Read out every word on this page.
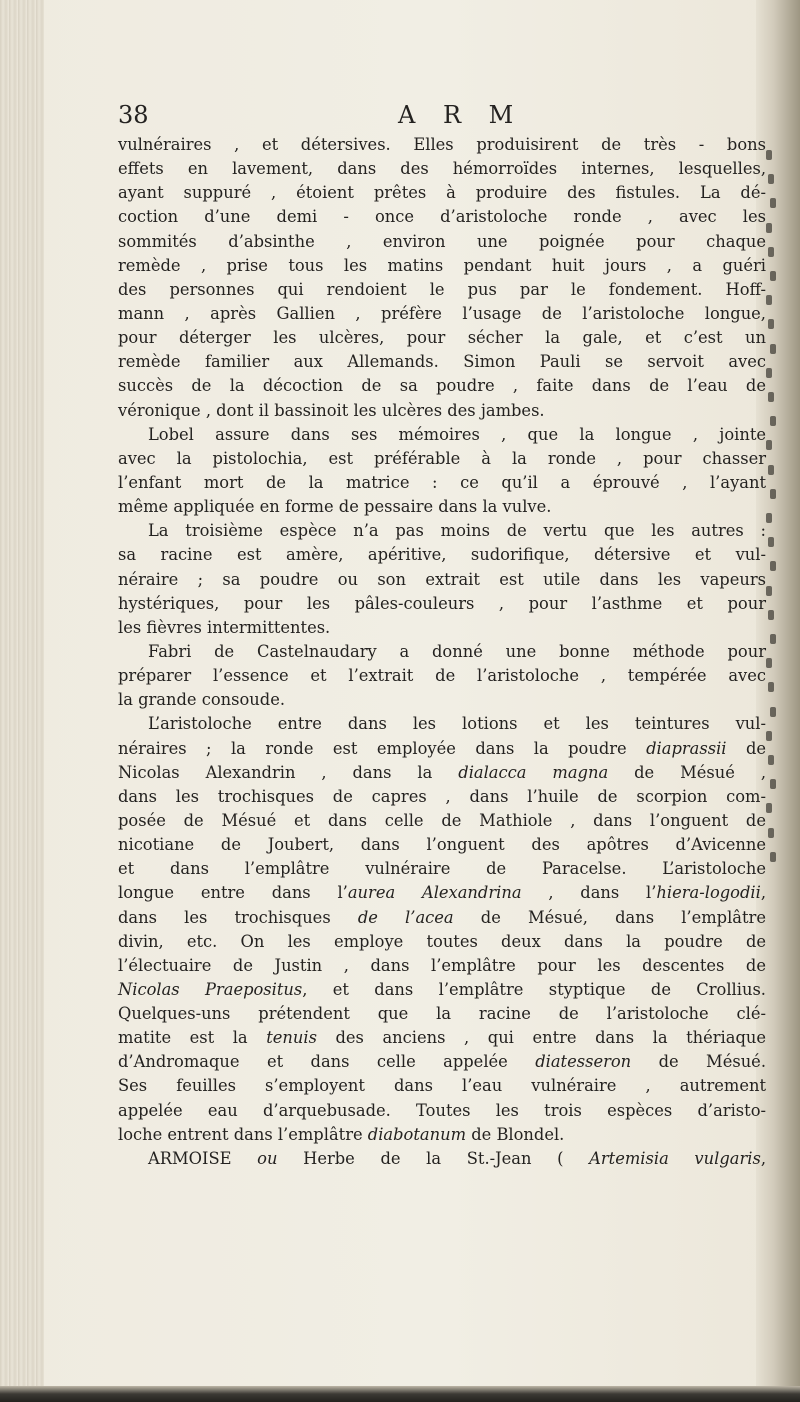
38	A R M
vulnéraires , et détersives. Elles produisirent de très - bons
effets en lavement, dans des hémorroïdes internes, lesquelles,
ayant suppuré , étoient prêtes à produire des fistules. La dé-
coction d’une demi - once d’aristoloche ronde , avec les
sommités d’absinthe , environ une poignée pour chaque
remède , prise tous les matins pendant huit jours , a guéri
des personnes qui rendoient le pus par le fondement. Hoff-
mann , après Gallien , préfère l’usage de l’aristoloche longue,
pour déterger les ulcères, pour sécher la gale, et c’est un
remède familier aux Allemands. Simon Pauli se servoit avec
succès de la décoction de sa poudre , faite dans de l’eau de
véronique , dont il bassinoit les ulcères des jambes.
Lobel assure dans ses mémoires , que la longue , jointe
avec la pistolochia, est préférable à la ronde , pour chasser
l’enfant mort de la matrice : ce qu’il a éprouvé , l’ayant
même appliquée en forme de pessaire dans la vulve.
La troisième espèce n’a pas moins de vertu que les autres :
sa racine est amère, apéritive, sudorifique, détersive et vul-
néraire ; sa poudre ou son extrait est utile dans les vapeurs
hystériques, pour les pâles-couleurs , pour l’asthme et pour
les fièvres intermittentes.
Fabri de Castelnaudary a donné une bonne méthode pour
préparer l’essence et l’extrait de l’aristoloche , tempérée avec
la grande consoude.
L’aristoloche entre dans les lotions et les teintures vul-
néraires ; la ronde est employée dans la poudre diaprassii de
Nicolas Alexandrin , dans la dialacca magna de Mésué ,
dans les trochisques de capres , dans l’huile de scorpion com-
posée de Mésué et dans celle de Mathiole , dans l’onguent de
nicotiane de Joubert, dans l’onguent des apôtres d’Avicenne
et dans l’emplâtre vulnéraire de Paracelse. L’aristoloche
longue entre dans l’aurea Alexandrina , dans l’hiera-logodii,
dans les trochisques de l’acea de Mésué, dans l’emplâtre
divin, etc. On les employe toutes deux dans la poudre de
l’électuaire de Justin , dans l’emplâtre pour les descentes de
Nicolas Praepositus, et dans l’emplâtre styptique de Crollius.
Quelques-uns prétendent que la racine de l’aristoloche clé-
matite est la tenuis des anciens , qui entre dans la thériaque
d’Andromaque et dans celle appelée diatesseron de Mésué.
Ses feuilles s’employent dans l’eau vulnéraire , autrement
appelée eau d’arquebusade. Toutes les trois espèces d’aristo-
loche entrent dans l’emplâtre diabotanum de Blondel.
ARMOISE ou Herbe de la St.-Jean ( Artemisia vulgaris,
